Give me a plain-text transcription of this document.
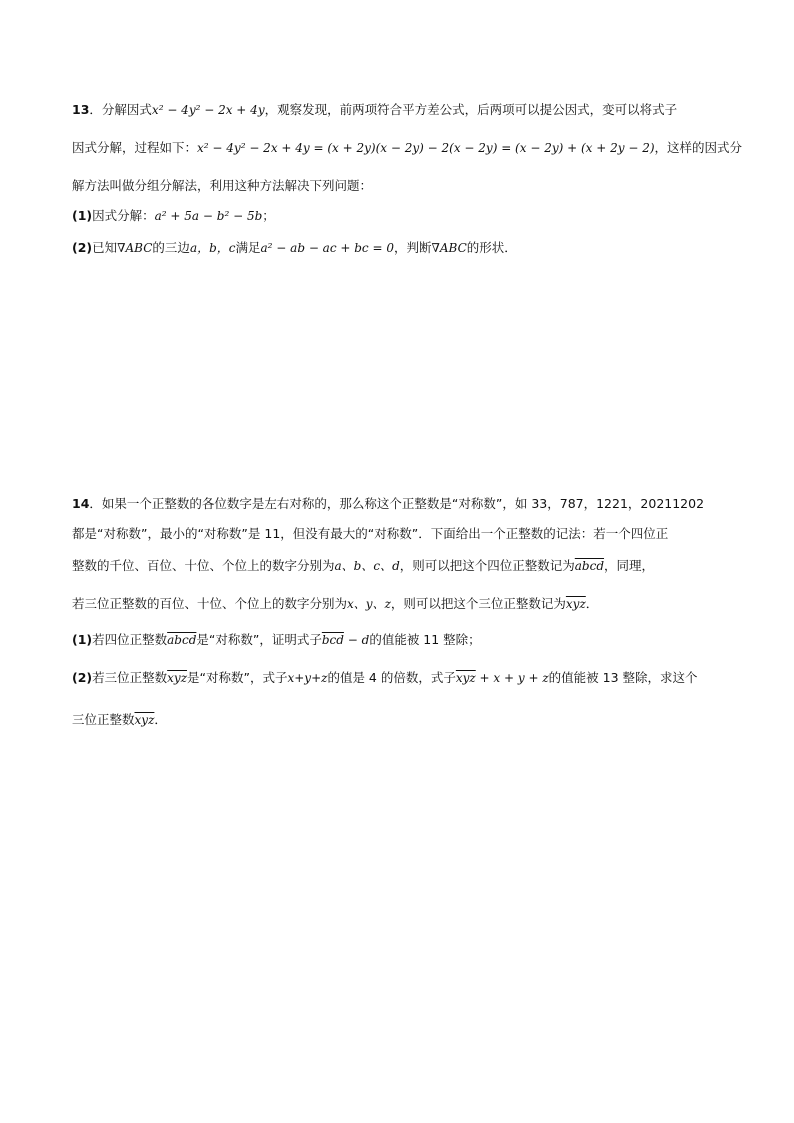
13．分解因式x² − 4y² − 2x + 4y，观察发现，前两项符合平方差公式，后两项可以提公因式，变可以将式子
因式分解，过程如下：x² − 4y² − 2x + 4y = (x + 2y)(x − 2y) − 2(x − 2y) = (x − 2y) + (x + 2y − 2)，这样的因式分
解方法叫做分组分解法，利用这种方法解决下列问题：
(1)因式分解：a² + 5a − b² − 5b；
(2)已知∇ABC的三边a，b，c满足a² − ab − ac + bc = 0，判断∇ABC的形状．
14．如果一个正整数的各位数字是左右对称的，那么称这个正整数是“对称数”，如 33，787，1221，20211202
都是“对称数”，最小的“对称数”是 11，但没有最大的“对称数”．下面给出一个正整数的记法：若一个四位正
整数的千位、百位、十位、个位上的数字分别为a、b、c、d，则可以把这个四位正整数记为abcd，同理，
若三位正整数的百位、十位、个位上的数字分别为x、y、z，则可以把这个三位正整数记为$\overline{xyz}$．
(1)若四位正整数abcd是“对称数”，证明式子$\overline{bcd} - d$的值能被 11 整除；
(2)若三位正整数$\overline{xyz}$是“对称数”，式子x+y+z的值是 4 的倍数，式子$\overline{xyz} + x + y + z$的值能被 13 整除，求这个
三位正整数$\overline{xyz}$．
